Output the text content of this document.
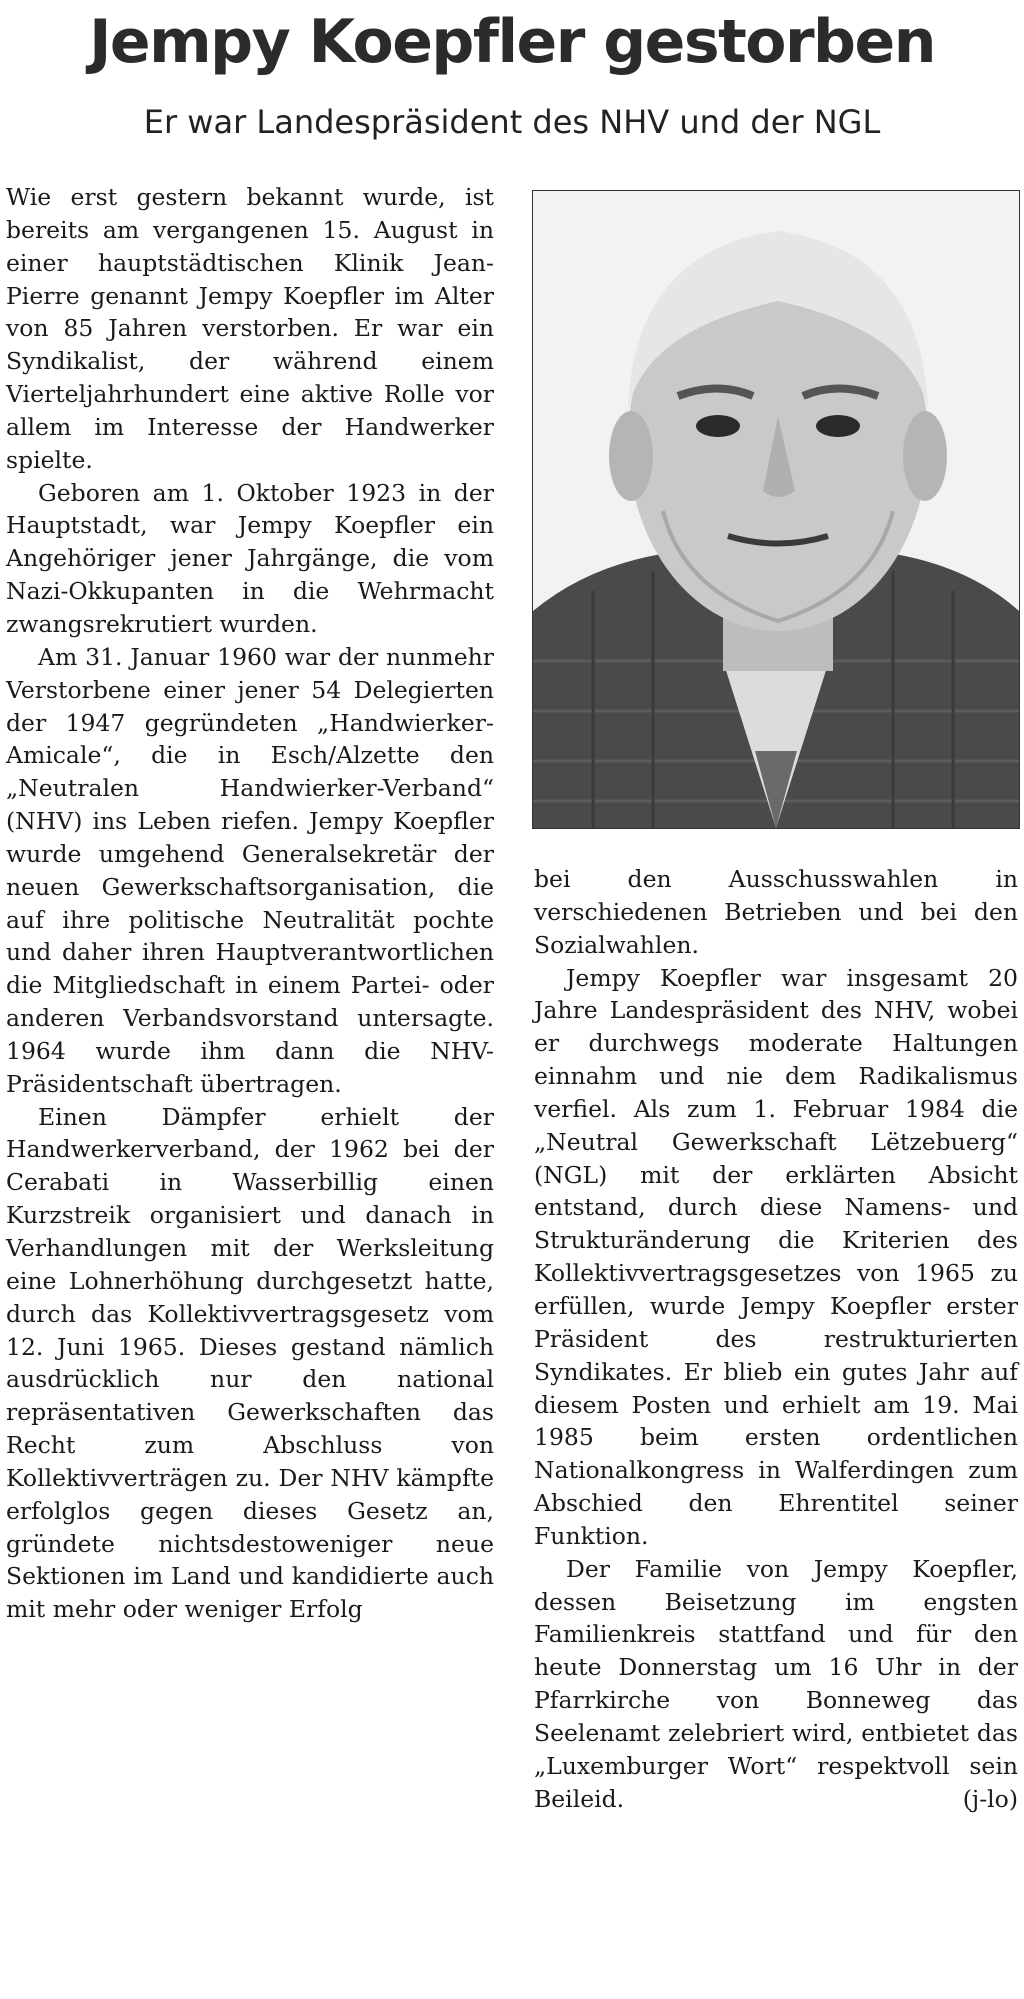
Jempy Koepfler gestorben
Er war Landespräsident des NHV und der NGL

Wie erst gestern bekannt wurde, ist bereits am vergangenen 15. August in einer hauptstädtischen Klinik Jean-Pierre genannt Jempy Koepfler im Alter von 85 Jahren verstorben. Er war ein Syndikalist, der während einem Vierteljahrhundert eine aktive Rolle vor allem im Interesse der Handwerker spielte.

Geboren am 1. Oktober 1923 in der Hauptstadt, war Jempy Koepfler ein Angehöriger jener Jahrgänge, die vom Nazi-Okkupanten in die Wehrmacht zwangsrekrutiert wurden.

Am 31. Januar 1960 war der nunmehr Verstorbene einer jener 54 Delegierten der 1947 gegründeten „Handwierker-Amicale“, die in Esch/Alzette den „Neutralen Handwierker-Verband“ (NHV) ins Leben riefen. Jempy Koepfler wurde umgehend Generalsekretär der neuen Gewerkschaftsorganisation, die auf ihre politische Neutralität pochte und daher ihren Hauptverantwortlichen die Mitgliedschaft in einem Partei- oder anderen Verbandsvorstand untersagte. 1964 wurde ihm dann die NHV-Präsidentschaft übertragen.

Einen Dämpfer erhielt der Handwerkerverband, der 1962 bei der Cerabati in Wasserbillig einen Kurzstreik organisiert und danach in Verhandlungen mit der Werksleitung eine Lohnerhöhung durchgesetzt hatte, durch das Kollektivvertragsgesetz vom 12. Juni 1965. Dieses gestand nämlich ausdrücklich nur den national repräsentativen Gewerkschaften das Recht zum Abschluss von Kollektivverträgen zu. Der NHV kämpfte erfolglos gegen dieses Gesetz an, gründete nichtsdestoweniger neue Sektionen im Land und kandidierte auch mit mehr oder weniger Erfolg

bei den Ausschusswahlen in verschiedenen Betrieben und bei den Sozialwahlen.

Jempy Koepfler war insgesamt 20 Jahre Landespräsident des NHV, wobei er durchwegs moderate Haltungen einnahm und nie dem Radikalismus verfiel. Als zum 1. Februar 1984 die „Neutral Gewerkschaft Lëtzebuerg“ (NGL) mit der erklärten Absicht entstand, durch diese Namens- und Strukturänderung die Kriterien des Kollektivvertragsgesetzes von 1965 zu erfüllen, wurde Jempy Koepfler erster Präsident des restrukturierten Syndikates. Er blieb ein gutes Jahr auf diesem Posten und erhielt am 19. Mai 1985 beim ersten ordentlichen Nationalkongress in Walferdingen zum Abschied den Ehrentitel seiner Funktion.

Der Familie von Jempy Koepfler, dessen Beisetzung im engsten Familienkreis stattfand und für den heute Donnerstag um 16 Uhr in der Pfarrkirche von Bonneweg das Seelenamt zelebriert wird, entbietet das „Luxemburger Wort“ respektvoll sein Beileid.	(j-lo)
